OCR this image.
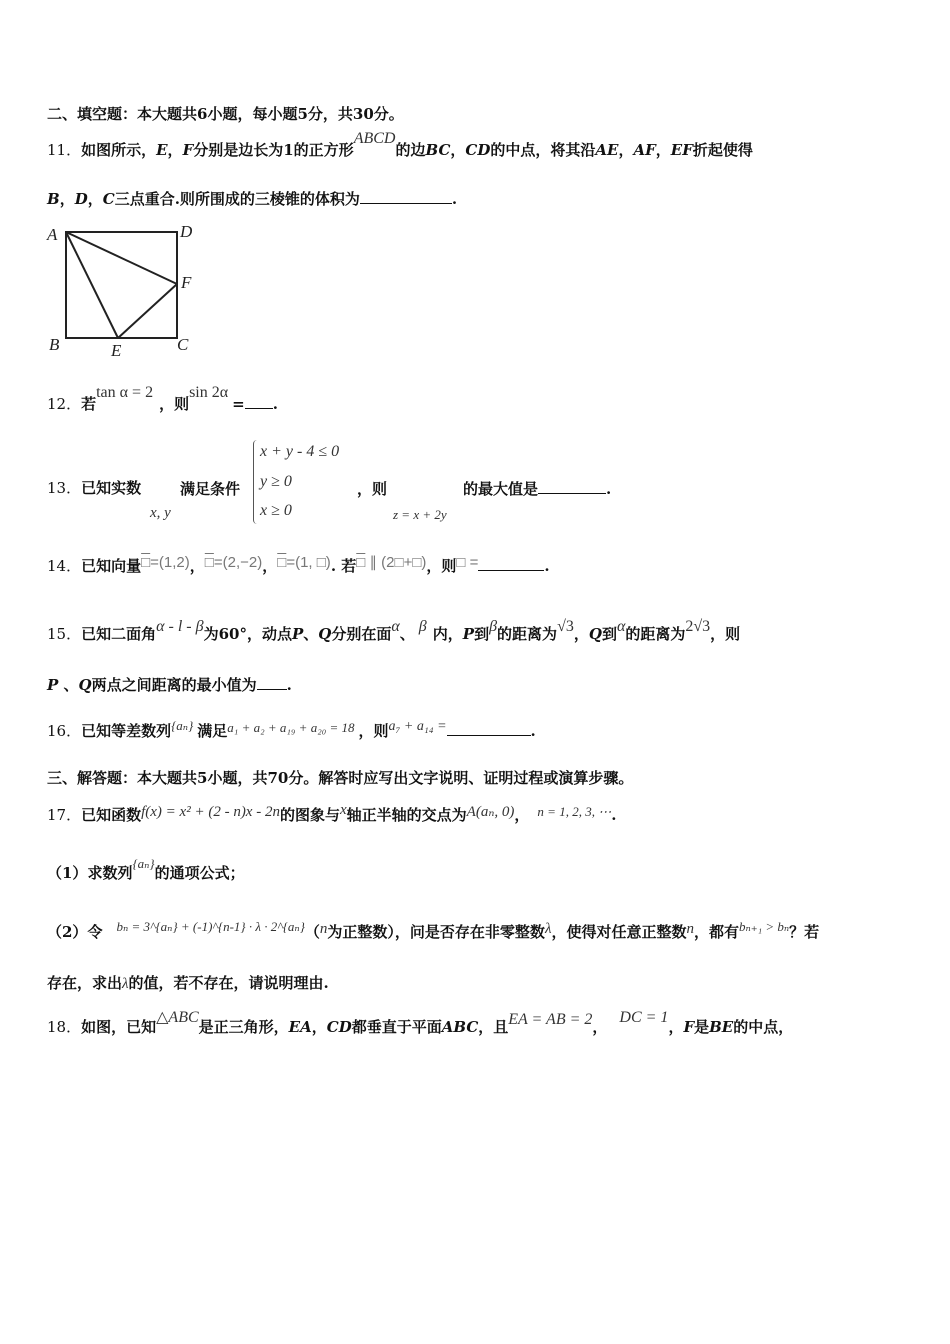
二、填空题：本大题共6小题，每小题5分，共30分。
11．如图所示，E，F分别是边长为1的正方形ABCD的边BC，CD的中点，将其沿AE，AF，EF折起使得
B，D，C三点重合.则所围成的三棱锥的体积为	.
A	D
F
B	E	C
12．若tan α = 2，则sin 2α= .
13．已知实数
x, y
满足条件
x + y - 4 ≤ 0
y ≥ 0
x ≥ 0
，则
z = x + 2y
的最大值是	.
14．已知向量□=(1,2)，□=(2,−2)，□=(1, □). 若□ ∥ (2□+□)，则□ =	.
15．已知二面角α - l - β为60°，动点P、Q分别在面α、 β 内，P到β的距离为√3，Q到α的距离为2√3，则
P 、Q两点之间距离的最小值为 .
16．已知等差数列{aₙ} 满足a₁ + a₂ + a₁₉ + a₂₀ = 18 ，则a₇ + a₁₄ =	.
三、解答题：本大题共5小题，共70分。解答时应写出文字说明、证明过程或演算步骤。
17．已知函数f(x) = x² + (2 - n)x - 2n的图象与x轴正半轴的交点为A(aₙ, 0)， n = 1, 2, 3, ⋯.
（1）求数列{aₙ}的通项公式；
（2）令 bₙ = 3^{aₙ} + (-1)^{n-1} · λ · 2^{aₙ}（n为正整数），问是否存在非零整数λ，使得对任意正整数n，都有bₙ₊₁ > bₙ？若
存在，求出λ的值，若不存在，请说明理由.
18．如图，已知△ABC是正三角形，EA，CD都垂直于平面ABC，且EA = AB = 2，DC = 1，F是BE的中点，
